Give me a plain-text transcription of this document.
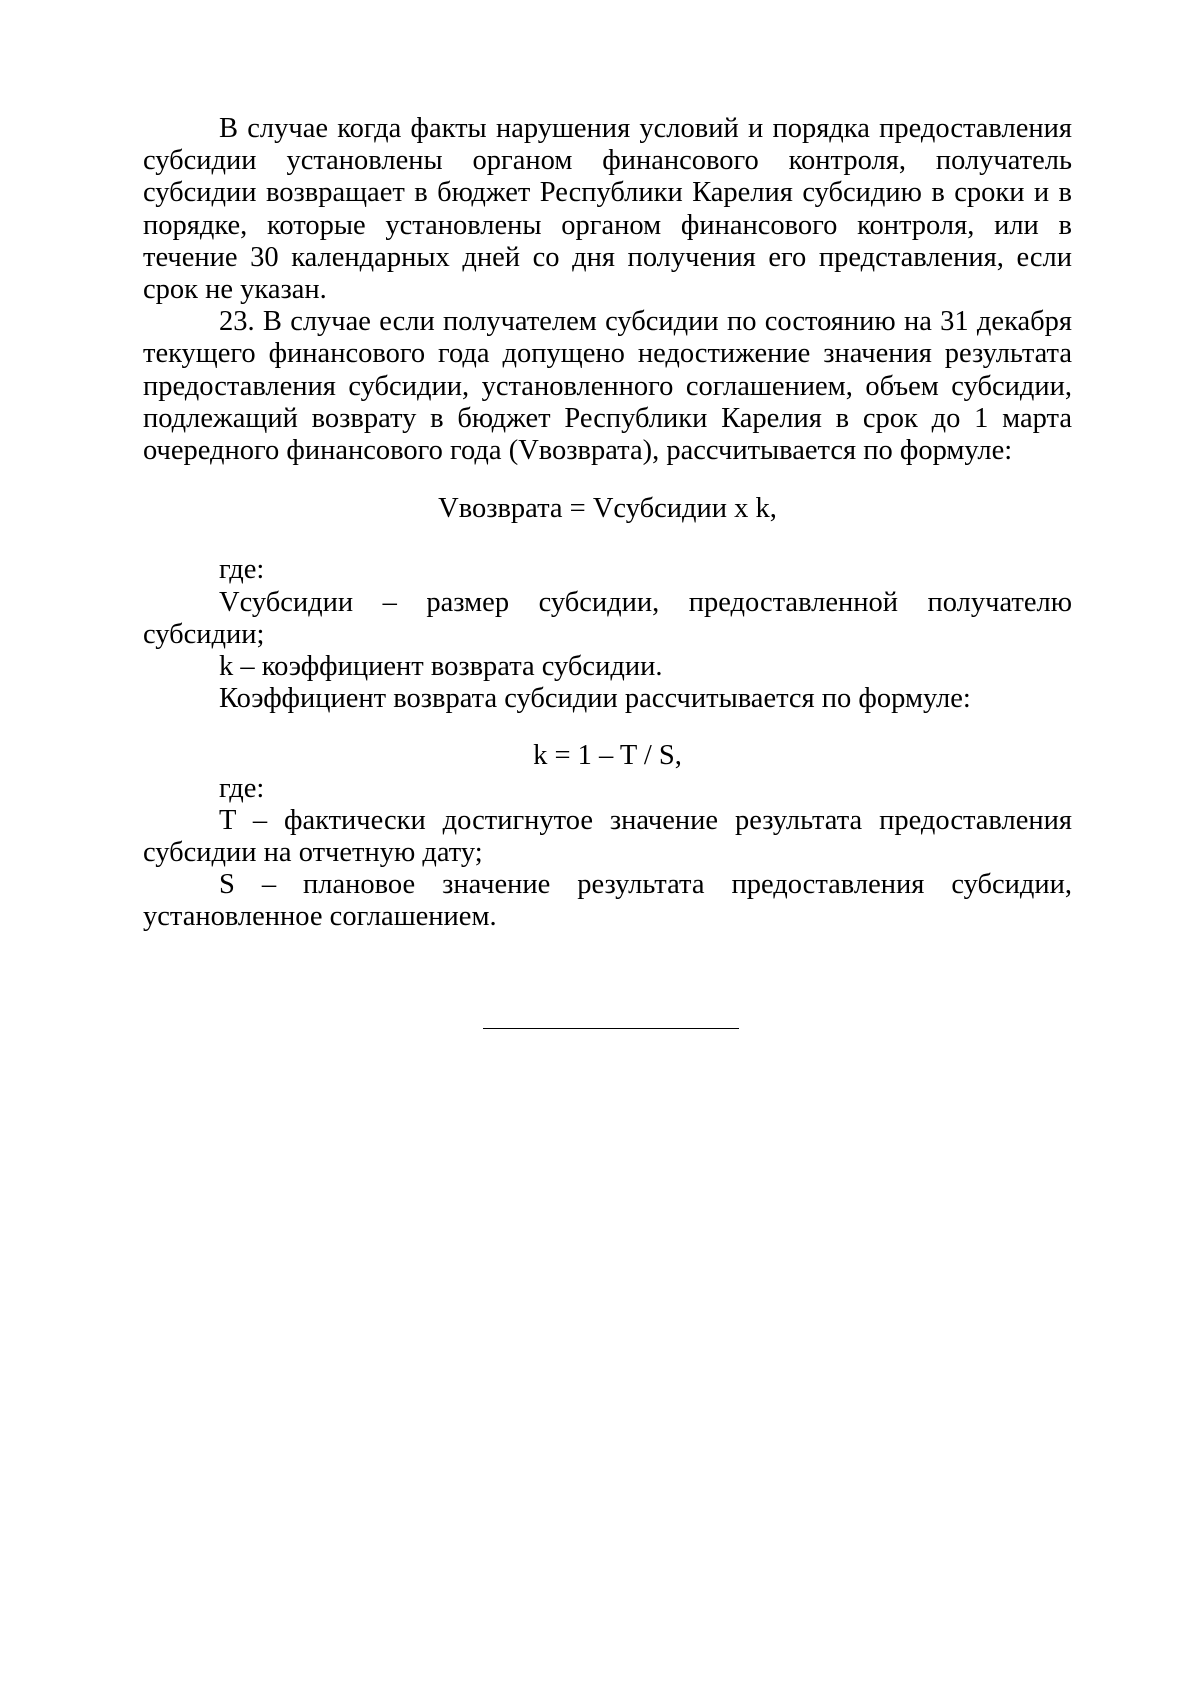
В случае когда факты нарушения условий и порядка предоставления субсидии установлены органом финансового контроля, получатель субсидии возвращает в бюджет Республики Карелия субсидию в сроки и в порядке, которые установлены органом финансового контроля, или в течение 30 календарных дней со дня получения его представления, если срок не указан.

23. В случае если получателем субсидии по состоянию на 31 декабря текущего финансового года допущено недостижение значения результата предоставления субсидии, установленного соглашением, объем субсидии, подлежащий возврату в бюджет Республики Карелия в срок до 1 марта очередного финансового года (Vвозврата), рассчитывается по формуле:

Vвозврата = Vсубсидии x k,

где:

Vсубсидии – размер субсидии, предоставленной получателю субсидии;

k – коэффициент возврата субсидии.

Коэффициент возврата субсидии рассчитывается по формуле:

k = 1 – T / S,

где:

T – фактически достигнутое значение результата предоставления субсидии на отчетную дату;

S – плановое значение результата предоставления субсидии, установленное соглашением.
